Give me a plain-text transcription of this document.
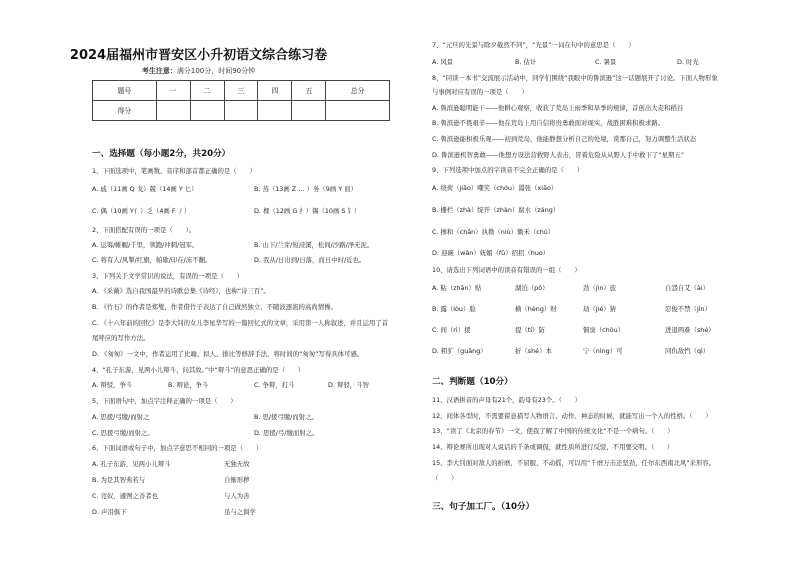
2024届福州市晋安区小升初语文综合练习卷
考生注意：满分100分，时间90分钟
题号	一	二	三	四	五	总分
得分						
一、选择题（每小题2分，共20分）
1、下面选项中，笔画数、音序和部首都正确的是（　　）
A. 戚（11画 Q 戈）兢（14画 Y 匕）	B. 蒸（13画 Z … ）务（9画 Y 皿）
C. 偶（10画 Y亻）乏（4画 F 丿）	D. 棵（12画 G 扌）锡（10画 S 钅）
2、下面搭配有误的一项是（　　）。
A. 运筹/帷幄/千里，领跑/冲刺/冠军。	B. 山下/兰芽/短浸溪，松间/沙路/净无泥。
C. 将有人/风掣/红旗，帕歇/印在/冻不翻。	D. 我从/日出到/日落，而日中时/近也。
3、下列关于文学常识的说法，有误的一项是（　　）
A. 《采薇》选自我国最早的诗歌总集《诗经》，也称“诗三百”。
B. 《竹石》的作者是郑燮，作者借竹子表达了自己做然独立，不随波逐流的高尚情操。
C. 《十六年前的回忆》是李大钊的女儿李星华写的一篇回忆式的文章，采用第一人称叙述，并且运用了首
尾呼应的写作方法。
D. 《匆匆》一文中，作者运用了比喻、拟人、排比等修辞手法，将时间的“匆匆”写得具体可感。
4、“孔子东游，见两小儿辩斗，问其故。”中“辩斗”的意思正确的是（　　）
A. 辩驳，争斗	B. 辩论，争斗	C. 争辩，打斗	D. 辩驳，斗智
5、下面语句中，加点字注释正确的一项是（　　）
A. 思援/弓缴/而射之	B. 思/援弓缴/而射之。
C. 思援弓缴/而射之。	D. 思援/弓/缴而射之。
6、下面词语或句子中，加点字意思不相同的一项是（　　）
A. 孔子东游，见两小儿辩斗	无独无故
B. 为是其智弗若与	自惭形秽
C. 竞奴，遽图之善者也	与人为善
D. 声泪俱下	虽与之俱学
7、“元旦的光景与除夕截然不同”，“光景”一词在句中的意思是（　　）
A. 风景	B. 估计	C. 暑景	D. 时光
8、“同读一本书”交流展示活动中，同学们围绕“我眼中的鲁滨逊”这一话题展开了讨论。下面人物形象
与事例对应有误的一项是（　　）
A. 鲁滨逊聪明能干——他耕心观察，收获了荒岛上雨季和旱季的规律，首创出大麦和稻谷
B. 鲁滨逊不畏艰辛——他在荒岛上用自信将贵勇敢面对现实，战胜困难积极求路。
C. 鲁滨逊能积极乐观——初到荒岛，他能静想分析自己的处境，赏那自己，努力调整生活状态
D. 鲁滨逊机智勇敢——他想方设法营救野人表击，冒着危险从从野人手中救下了“星期五”
9、下列选项中加点的字读音不完全正确的是（　　）
A. 绕荷（jiāo）嘲笑（chóu）嚣张（xiāo）
B. 栅栏（zhà）绽开（zhàn）腐水（záng）
C. 掺和（chān）执拗（niù）锄禾（chú）
D. 迎碗（wǎn）妩媚（fǔ）招招（huo）
10、请选出下列词语中的读音有错误的一组（　　）
A. 粘（zhān）贴	湖泊（pō）	劲（jìn）旅	自怨自艾（ài）
B. 露（lòu）脸	横（hèng）财	劫（jié）猜	忍俊不禁（jìn）
C. 间（rì）援	提（tí）防	铜臭（chòu）	进退两难（shé）
D. 粗犷（guǎng）	折（shé）本	宁（nìng）可	同仇敌忾（qì）
二、判断题（10分）
11、汉语拼音的声母有21个，韵母有23个。（　　）
12、间体各型时，不需要留意描写人物语言、动作、神态的时候，就能写出一个人的性格。（　　）
13、“读了《北京的春节》一文，使我了解了中国的传统文化”不是一个病句。（　　）
14、辩论赛所出现对人说话的千条或调侃，就性质所进行反驳，不用要交明。（　　）
15、李大钊面对敌人的折磨，不屈服、不动摇，可以用“千磨万击还坚劲，任尔东西南北风”来形容。
（　　）
三、句子加工厂。（10分）
